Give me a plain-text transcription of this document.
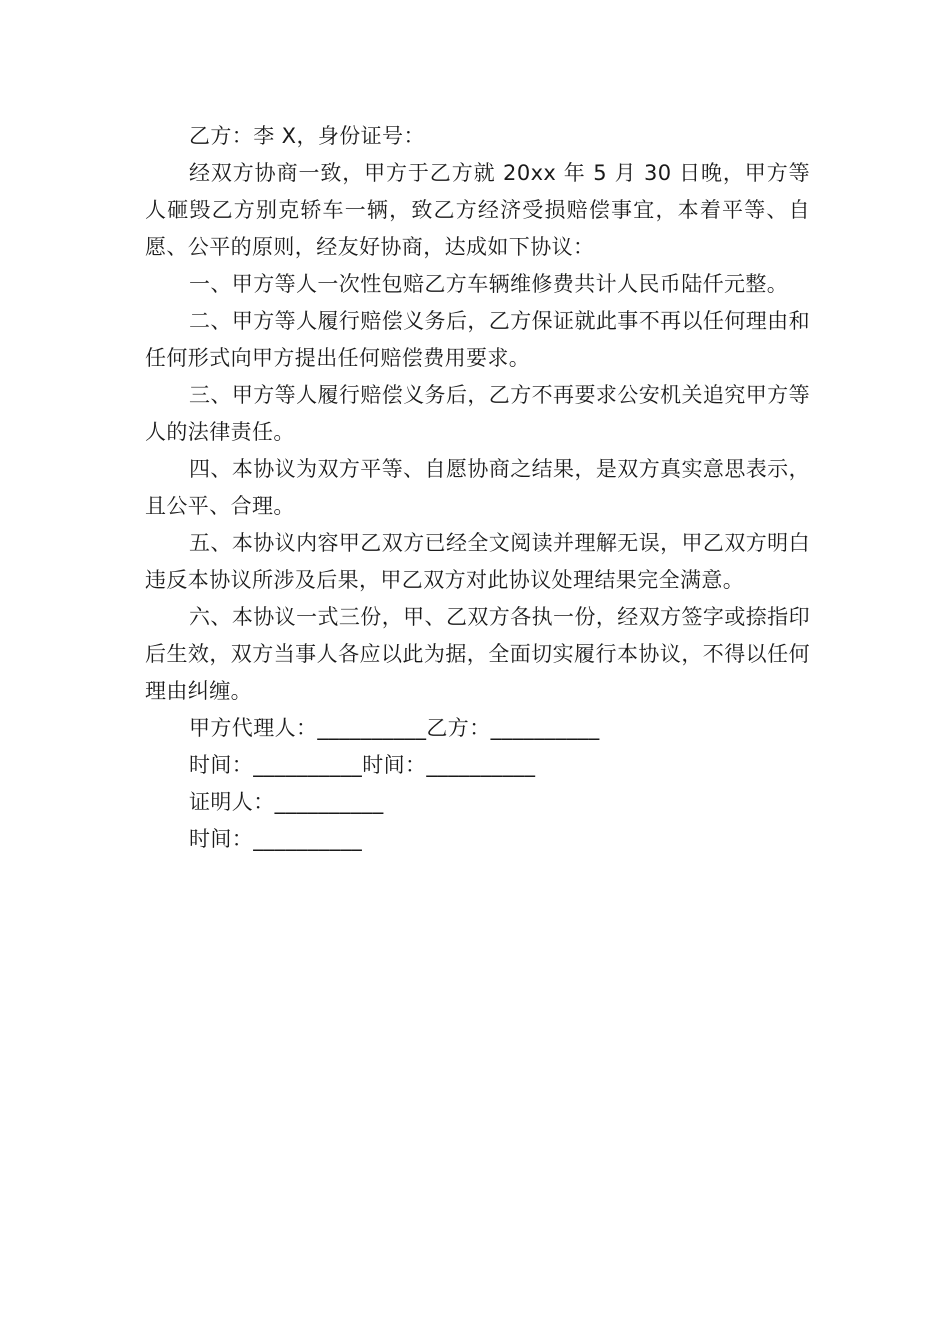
乙方：李 X，身份证号：

经双方协商一致，甲方于乙方就 20xx 年 5 月 30 日晚，甲方等人砸毁乙方别克轿车一辆，致乙方经济受损赔偿事宜，本着平等、自愿、公平的原则，经友好协商，达成如下协议：

一、甲方等人一次性包赔乙方车辆维修费共计人民币陆仟元整。

二、甲方等人履行赔偿义务后，乙方保证就此事不再以任何理由和任何形式向甲方提出任何赔偿费用要求。

三、甲方等人履行赔偿义务后，乙方不再要求公安机关追究甲方等人的法律责任。

四、本协议为双方平等、自愿协商之结果，是双方真实意思表示，且公平、合理。

五、本协议内容甲乙双方已经全文阅读并理解无误，甲乙双方明白违反本协议所涉及后果，甲乙双方对此协议处理结果完全满意。

六、本协议一式三份，甲、乙双方各执一份，经双方签字或捺指印后生效，双方当事人各应以此为据，全面切实履行本协议，不得以任何理由纠缠。

甲方代理人：__________乙方：__________

时间：__________时间：__________

证明人：__________

时间：__________
